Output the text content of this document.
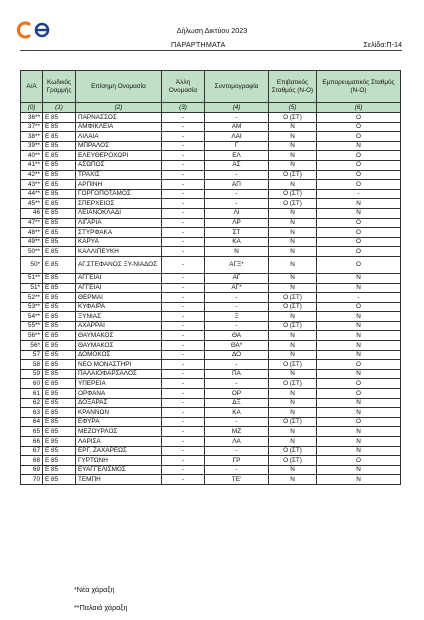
Δήλωση Δικτύου 2023
ΠΑΡΑΡΤΗΜΑΤΑ	Σελίδα:Π-14
Α/Α	Κωδικός Γραμμής	Επίσημη Ονομασία	Άλλη Ονομασία	Συντομογραφία	Επιβατικός Σταθμός (Ν-Ο)	Εμπορευματικός Σταθμός (Ν-Ο)
(0)	(1)	(2)	(3)	(4)	(5)	(6)
36**	Ε 85	ΠΑΡΝΑΣΣΟΣ	-	-	Ο (ΣΤ)	Ο
37**	Ε 85	ΑΜΦΙΚΛΕΙΑ	-	ΑΜ	Ν	Ο
38**	Ε 85	ΛΙΛΑΙΑ	-	ΛΑΙ	Ν	Ο
39**	Ε 85	ΜΠΡΑΛΟΣ	-	Γ	Ν	Ν
40**	Ε 85	ΕΛΕΥΘΕΡΟΧΩΡΙ	-	ΕΛ	Ν	Ο
41**	Ε 85	ΑΣΩΠΟΣ	-	ΑΣ	Ν	Ο
42**	Ε 85	ΤΡΑΧΙΣ	-	-	Ο (ΣΤ)	Ο
43**	Ε 85	ΑΡΠΙΝΗ	-	ΑΠ	Ν	Ο
44**	Ε 85	ΓΟΡΓΟΠΟΤΑΜΟΣ	-	-	Ο (ΣΤ)	-
45**	Ε 85	ΣΠΕΡΧΕΙΟΣ	-	-	Ο (ΣΤ)	Ν
46	Ε 85	ΛΕΙΑΝΟΚΛΑΔΙ	-	ΛΙ	Ν	Ν
47**	Ε 85	ΛΙΓΑΡΙΑ	-	ΛΡ	Ν	Ο
48**	Ε 85	ΣΤΥΡΦΑΚΑ	-	ΣΤ	Ν	Ο
49**	Ε 85	ΚΑΡΥΑ	-	ΚΑ	Ν	Ο
50**	Ε 85	ΚΑΛΛΙΠΕΥΚΗ	-	Ν	Ν	Ο
50*	Ε 85	ΑΓ.ΣΤΕΦΑΝΟΣ ΞΥ-ΝΙΑΔΟΣ	-	ΑΓΞ*	Ν	Ο
51**	Ε 85	ΑΓΓΕΙΑΙ	-	ΑΓ	Ν	Ν
51*	Ε 85	ΑΓΓΕΙΑΙ	-	ΑΓ*	Ν	Ν
52**	Ε 85	ΘΕΡΜΑΙ	-	-	Ο (ΣΤ)	-
53**	Ε 85	ΚΥΦΑΙΡΑ	-	-	Ο (ΣΤ)	Ο
54**	Ε 85	ΞΥΝΙΑΣ	-	Ξ	Ν	Ν
55**	Ε 85	ΑΧΑΡΡΑΙ	-	-	Ο (ΣΤ)	Ν
56**	Ε 85	ΘΑΥΜΑΚΟΣ	-	ΘΑ	Ν	Ν
56*	Ε 85	ΘΑΥΜΑΚΟΣ	-	ΘΑ*	Ν	Ν
57	Ε 85	ΔΟΜΟΚΟΣ	-	ΔΟ	Ν	Ν
58	Ε 85	ΝΕΟ ΜΟΝΑΣΤΗΡΙ	-	-	Ο (ΣΤ)	Ο
59	Ε 85	ΠΑΛΑΙΟΦΑΡΣΑΛΟΣ	-	ΠΑ	Ν	Ν
60	Ε 85	ΥΠΕΡΕΙΑ	-	-	Ο (ΣΤ)	Ο
61	Ε 85	ΟΡΦΑΝΑ	-	ΟΡ	Ν	Ο
62	Ε 85	ΔΟΞΑΡΑΣ	-	ΔΞ	Ν	Ν
63	Ε 85	ΚΡΑΝΝΩΝ	-	ΚΑ	Ν	Ν
64	Ε 85	ΕΦΥΡΑ	-	-	Ο (ΣΤ)	Ο
65	Ε 85	ΜΕΖΟΥΡΛΟΣ	-	ΜΖ	Ν	Ν
66	Ε 85	ΛΑΡΙΣΑ	-	ΛΑ	Ν	Ν
67	Ε 85	ΕΡΓ. ΖΑΧΑΡΕΩΣ	-	-	Ο (ΣΤ)	Ν
68	Ε 85	ΓΥΡΤΩΝΗ	-	ΓΡ	Ο (ΣΤ)	Ο
69	Ε 85	ΕΥΑΓΓΕΛΙΣΜΟΣ	-	-	Ν	Ν
70	Ε 85	ΤΕΜΠΗ	-	ΤΕ'	Ν	Ν
*Νέα χάραξη
**Παλαιά χάραξη
